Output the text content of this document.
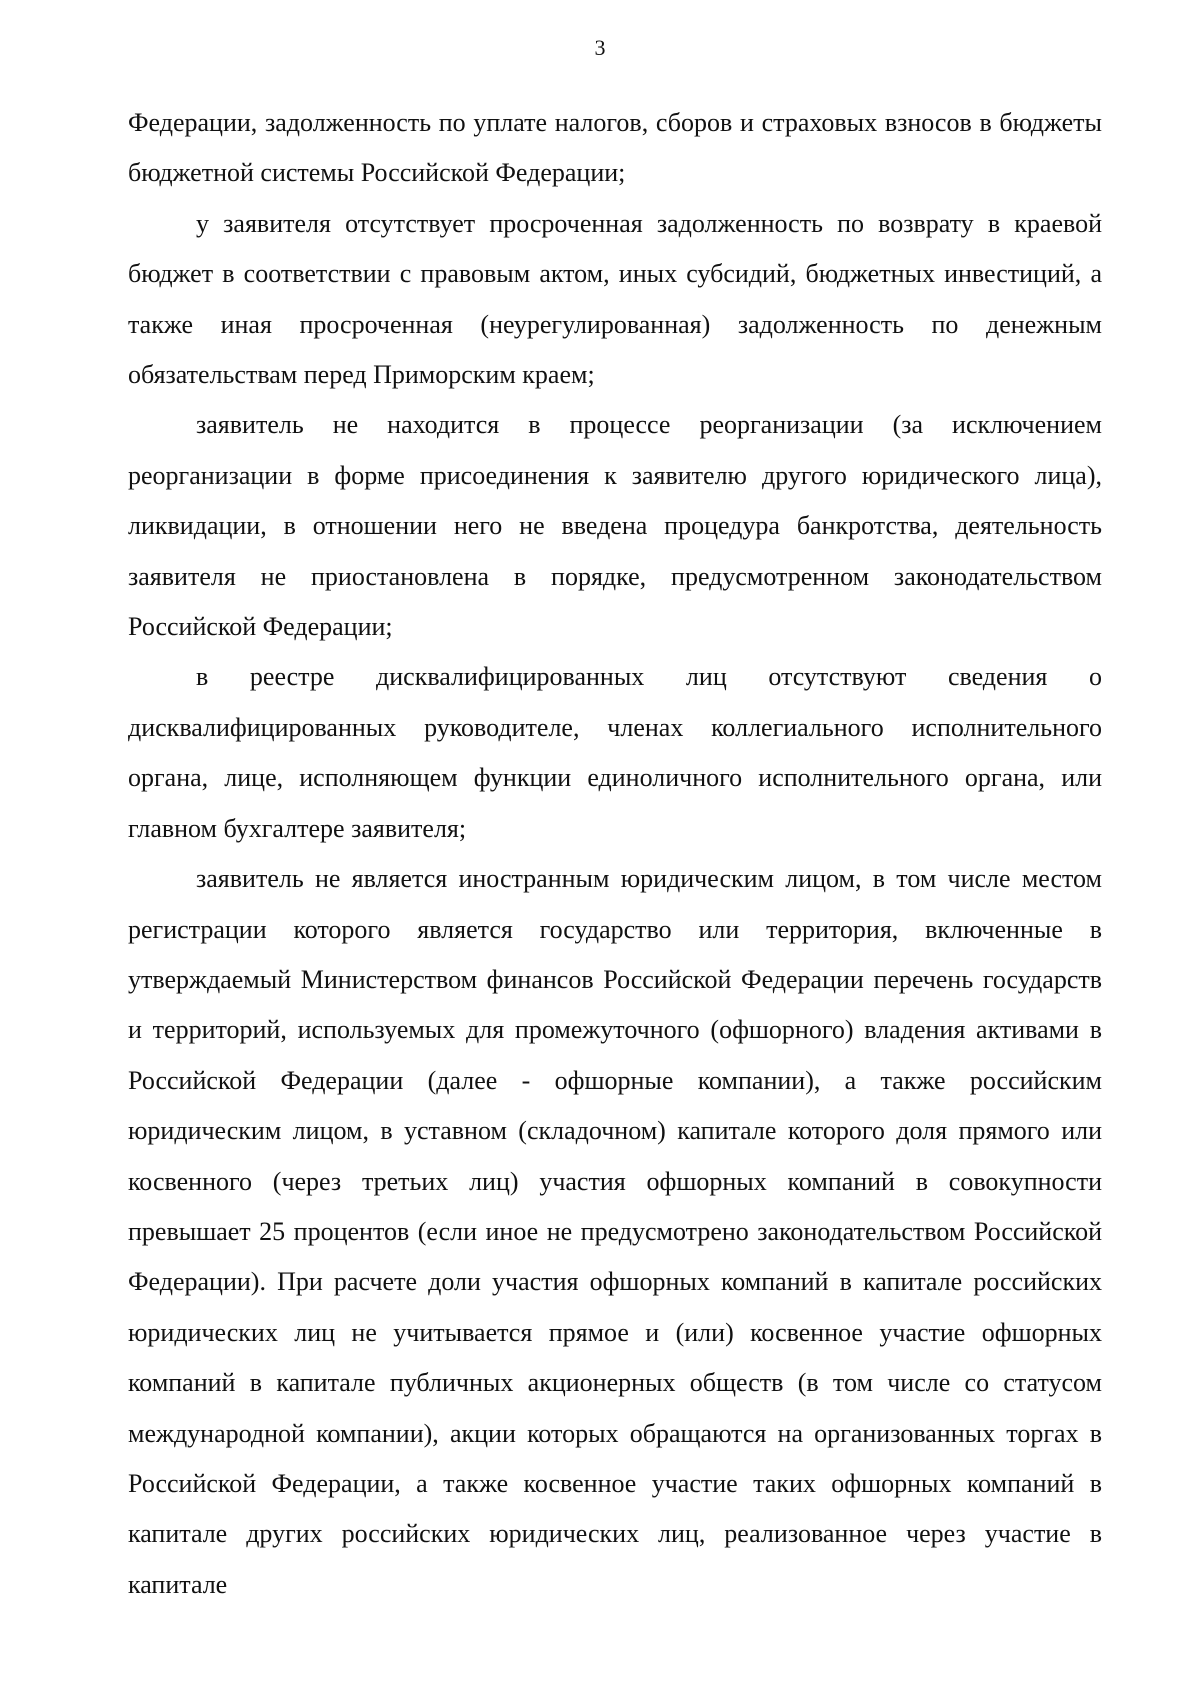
3

Федерации, задолженность по уплате налогов, сборов и страховых взносов в бюджеты бюджетной системы Российской Федерации;

у заявителя отсутствует просроченная задолженность по возврату в краевой бюджет в соответствии с правовым актом, иных субсидий, бюджетных инвестиций, а также иная просроченная (неурегулированная) задолженность по денежным обязательствам перед Приморским краем;

заявитель не находится в процессе реорганизации (за исключением реорганизации в форме присоединения к заявителю другого юридического лица), ликвидации, в отношении него не введена процедура банкротства, деятельность заявителя не приостановлена в порядке, предусмотренном законодательством Российской Федерации;

в реестре дисквалифицированных лиц отсутствуют сведения о дисквалифицированных руководителе, членах коллегиального исполнительного органа, лице, исполняющем функции единоличного исполнительного органа, или главном бухгалтере заявителя;

заявитель не является иностранным юридическим лицом, в том числе местом регистрации которого является государство или территория, включенные в утверждаемый Министерством финансов Российской Федерации перечень государств и территорий, используемых для промежуточного (офшорного) владения активами в Российской Федерации (далее - офшорные компании), а также российским юридическим лицом, в уставном (складочном) капитале которого доля прямого или косвенного (через третьих лиц) участия офшорных компаний в совокупности превышает 25 процентов (если иное не предусмотрено законодательством Российской Федерации). При расчете доли участия офшорных компаний в капитале российских юридических лиц не учитывается прямое и (или) косвенное участие офшорных компаний в капитале публичных акционерных обществ (в том числе со статусом международной компании), акции которых обращаются на организованных торгах в Российской Федерации, а также косвенное участие таких офшорных компаний в капитале других российских юридических лиц, реализованное через участие в капитале
